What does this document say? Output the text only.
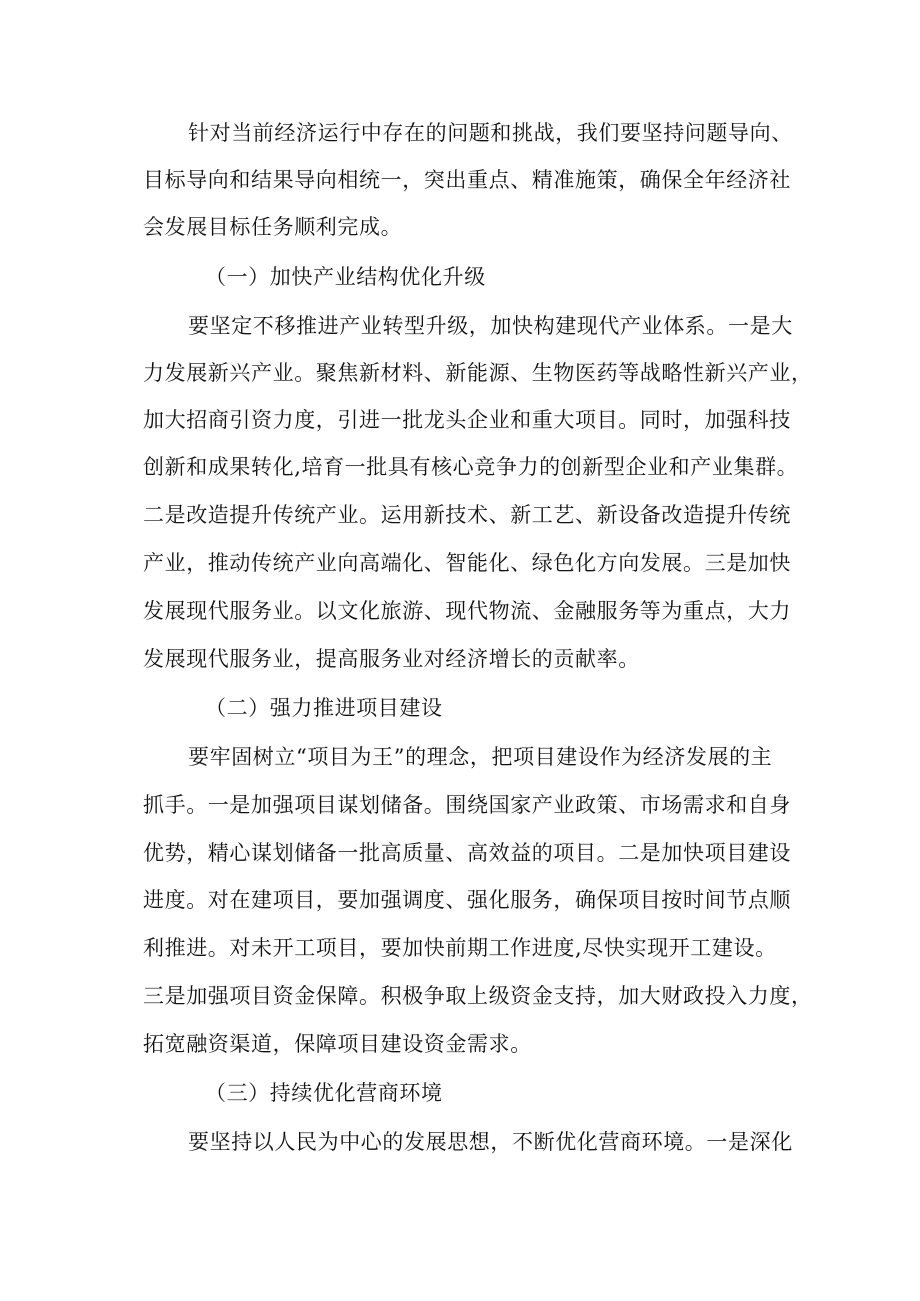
针对当前经济运行中存在的问题和挑战，我们要坚持问题导向、
目标导向和结果导向相统一，突出重点、精准施策，确保全年经济社
会发展目标任务顺利完成。
（一）加快产业结构优化升级
要坚定不移推进产业转型升级，加快构建现代产业体系。一是大
力发展新兴产业。聚焦新材料、新能源、生物医药等战略性新兴产业，
加大招商引资力度，引进一批龙头企业和重大项目。同时，加强科技
创新和成果转化,培育一批具有核心竞争力的创新型企业和产业集群。
二是改造提升传统产业。运用新技术、新工艺、新设备改造提升传统
产业，推动传统产业向高端化、智能化、绿色化方向发展。三是加快
发展现代服务业。以文化旅游、现代物流、金融服务等为重点，大力
发展现代服务业，提高服务业对经济增长的贡献率。
（二）强力推进项目建设
要牢固树立“项目为王”的理念，把项目建设作为经济发展的主
抓手。一是加强项目谋划储备。围绕国家产业政策、市场需求和自身
优势，精心谋划储备一批高质量、高效益的项目。二是加快项目建设
进度。对在建项目，要加强调度、强化服务，确保项目按时间节点顺
利推进。对未开工项目，要加快前期工作进度,尽快实现开工建设。
三是加强项目资金保障。积极争取上级资金支持，加大财政投入力度，
拓宽融资渠道，保障项目建设资金需求。
（三）持续优化营商环境
要坚持以人民为中心的发展思想，不断优化营商环境。一是深化
